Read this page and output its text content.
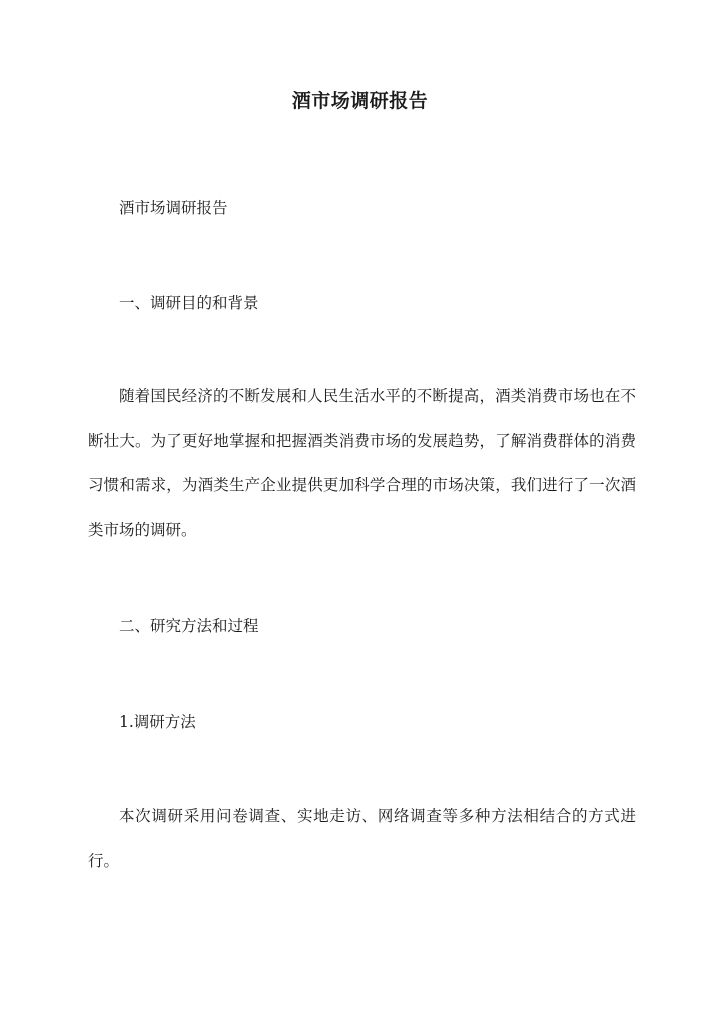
酒市场调研报告
酒市场调研报告
一、调研目的和背景
随着国民经济的不断发展和人民生活水平的不断提高，酒类消费市场也在不断壮大。为了更好地掌握和把握酒类消费市场的发展趋势，了解消费群体的消费习惯和需求，为酒类生产企业提供更加科学合理的市场决策，我们进行了一次酒类市场的调研。
二、研究方法和过程
1.调研方法
本次调研采用问卷调查、实地走访、网络调查等多种方法相结合的方式进行。
